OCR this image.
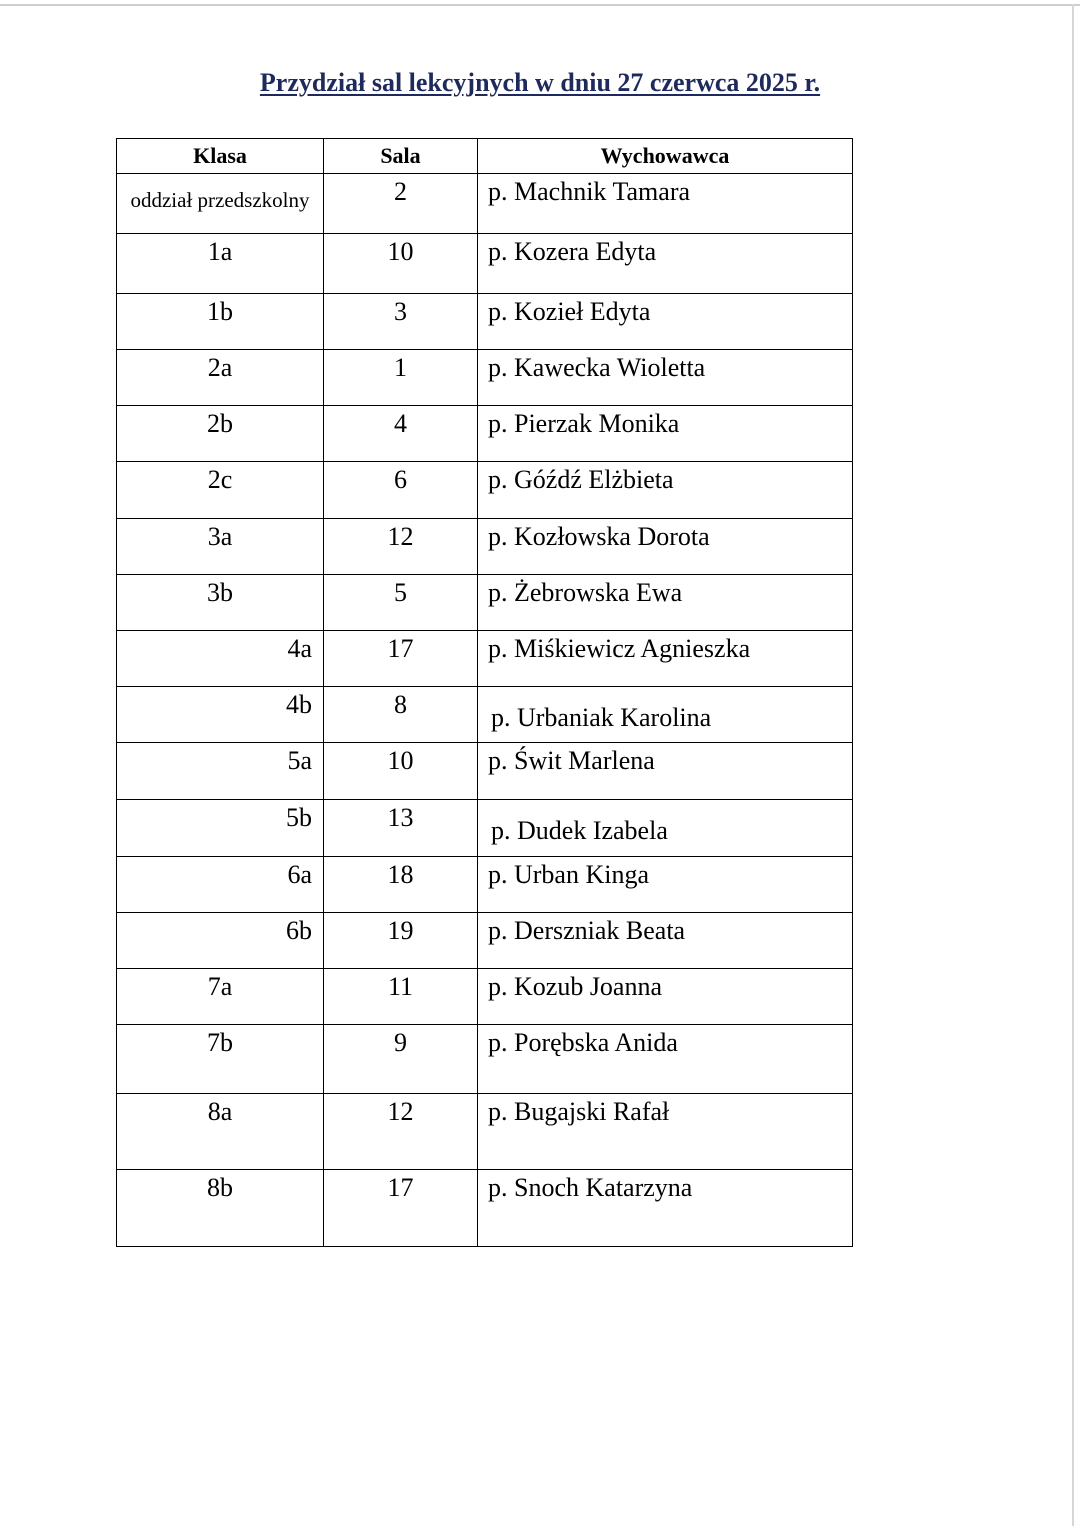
Przydział sal lekcyjnych w dniu 27 czerwca 2025 r.
Klasa	Sala	Wychowawca
oddział przedszkolny	2	p. Machnik Tamara
1a	10	p. Kozera Edyta
1b	3	p. Kozieł Edyta
2a	1	p. Kawecka Wioletta
2b	4	p. Pierzak Monika
2c	6	p. Góźdź Elżbieta
3a	12	p. Kozłowska Dorota
3b	5	p. Żebrowska Ewa
4a	17	p. Miśkiewicz Agnieszka
4b	8	p. Urbaniak Karolina
5a	10	p. Świt Marlena
5b	13	p. Dudek Izabela
6a	18	p. Urban Kinga
6b	19	p. Derszniak Beata
7a	11	p. Kozub Joanna
7b	9	p. Porębska Anida
8a	12	p. Bugajski Rafał
8b	17	p. Snoch Katarzyna
